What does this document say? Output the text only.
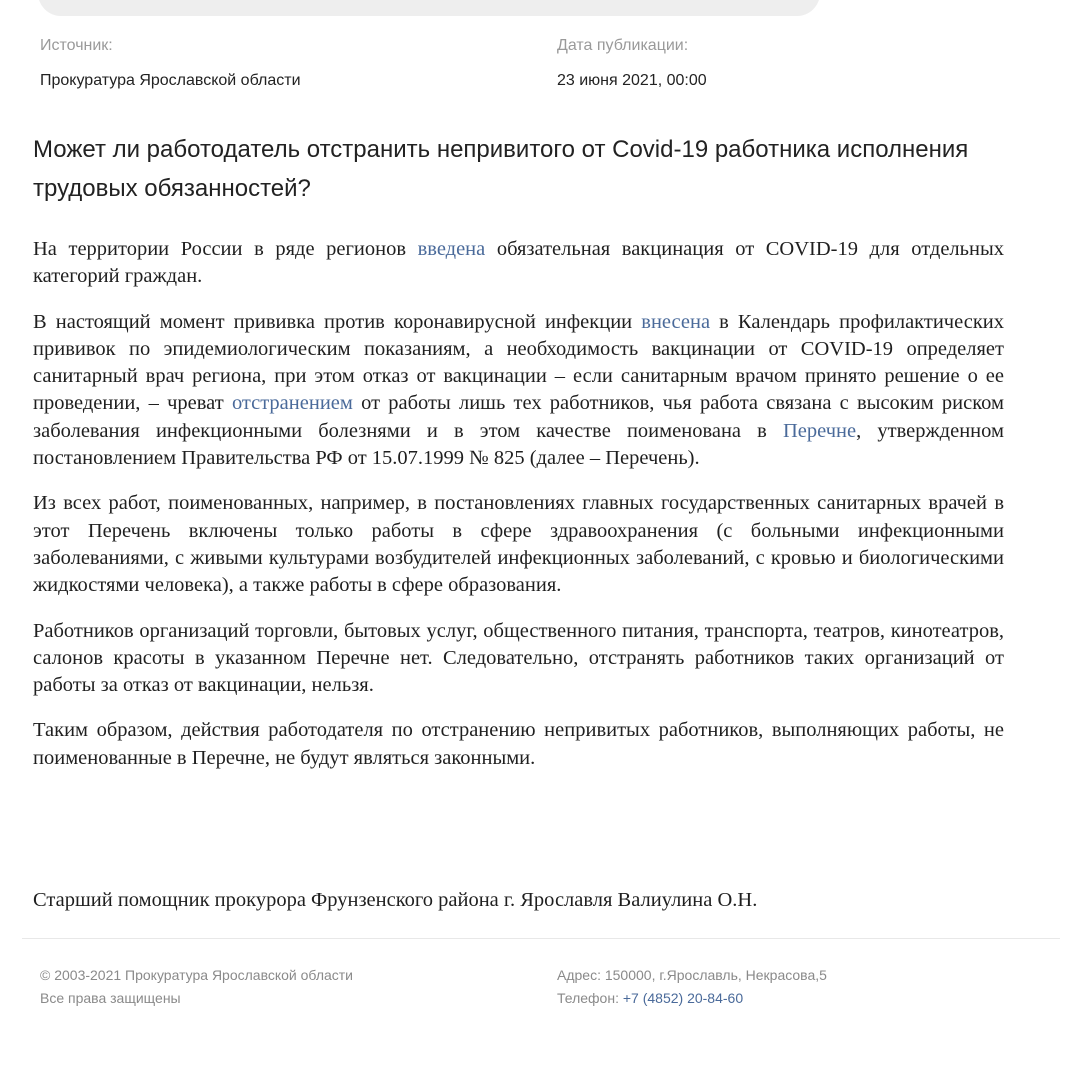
Источник:
Прокуратура Ярославской области
Дата публикации:
23 июня 2021, 00:00
Может ли работодатель отстранить непривитого от Covid-19 работника исполнения трудовых обязанностей?

На территории России в ряде регионов введена обязательная вакцинация от COVID-19 для отдельных категорий граждан.

В настоящий момент прививка против коронавирусной инфекции внесена в Календарь профилактических прививок по эпидемиологическим показаниям, а необходимость вакцинации от COVID-19 определяет санитарный врач региона, при этом отказ от вакцинации – если санитарным врачом принято решение о ее проведении, – чреват отстранением от работы лишь тех работников, чья работа связана с высоким риском заболевания инфекционными болезнями и в этом качестве поименована в Перечне, утвержденном постановлением Правительства РФ от 15.07.1999 № 825 (далее – Перечень).

Из всех работ, поименованных, например, в постановлениях главных государственных санитарных врачей в этот Перечень включены только работы в сфере здравоохранения (с больными инфекционными заболеваниями, с живыми культурами возбудителей инфекционных заболеваний, с кровью и биологическими жидкостями человека), а также работы в сфере образования.

Работников организаций торговли, бытовых услуг, общественного питания, транспорта, театров, кинотеатров, салонов красоты в указанном Перечне нет. Следовательно, отстранять работников таких организаций от работы за отказ от вакцинации, нельзя.

Таким образом, действия работодателя по отстранению непривитых работников, выполняющих работы, не поименованные в Перечне, не будут являться законными.

Старший помощник прокурора Фрунзенского района г. Ярославля Валиулина О.Н.
© 2003-2021 Прокуратура Ярославской области
Все права защищены
Адрес: 150000, г.Ярославль, Некрасова,5
Телефон: +7 (4852) 20-84-60
